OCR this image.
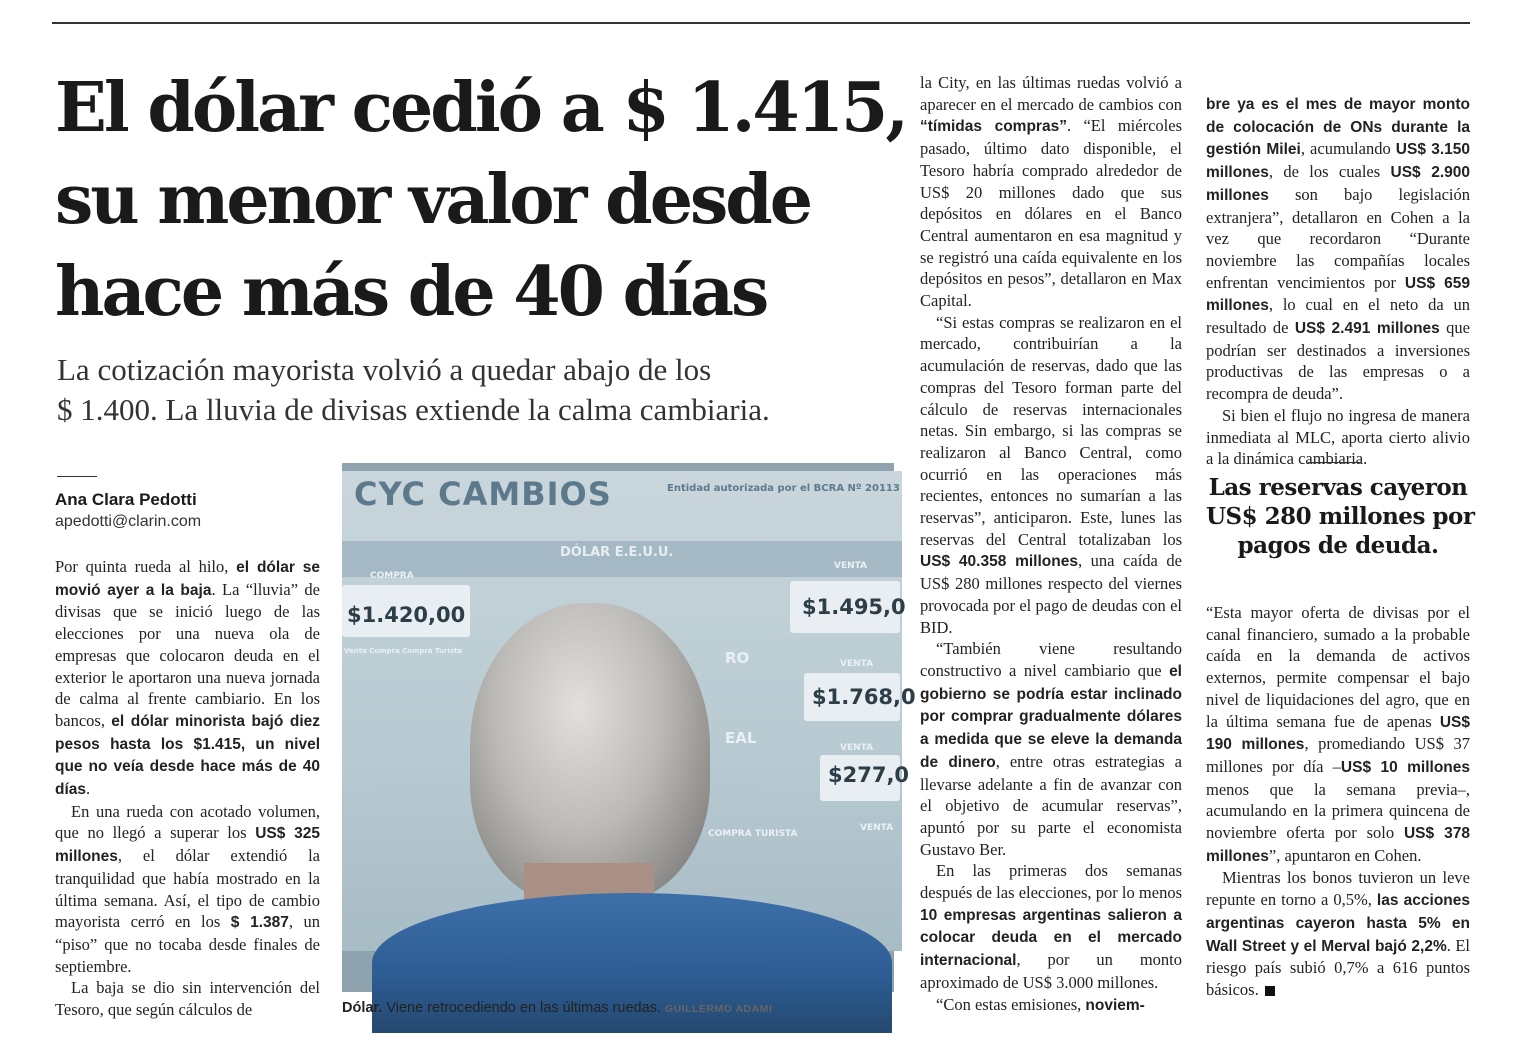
El dólar cedió a $ 1.415,
su menor valor desde
hace más de 40 días

La cotización mayorista volvió a quedar abajo de los
$ 1.400. La lluvia de divisas extiende la calma cambiaria.

Ana Clara Pedotti
apedotti@clarin.com

Por quinta rueda al hilo, el dólar se movió ayer a la baja. La “lluvia” de divisas que se inició luego de las elecciones por una nueva ola de empresas que colocaron deuda en el exterior le aportaron una nueva jornada de calma al frente cambiario. En los bancos, el dólar minorista bajó diez pesos hasta los $1.415, un nivel que no veía desde hace más de 40 días.

En una rueda con acotado volumen, que no llegó a superar los US$ 325 millones, el dólar extendió la tranquilidad que había mostrado en la última semana. Así, el tipo de cambio mayorista cerró en los $ 1.387, un “piso” que no tocaba desde finales de septiembre.

La baja se dio sin intervención del Tesoro, que según cálculos de

CYC CAMBIOS	Entidad autorizada por el BCRA Nº 20113
DÓLAR E.E.U.U.
COMPRA
VENTA
$1.420,00	$1.495,0
Venta Compra Compra Turista	RO	VENTA
$1.768,0
EAL
VENTA
$277,0
COMPRA TURISTA
VENTA
Dólar. Viene retrocediendo en las últimas ruedas. GUILLERMO ADAMI

la City, en las últimas ruedas volvió a aparecer en el mercado de cambios con “tímidas compras”. “El miércoles pasado, último dato disponible, el Tesoro habría comprado alrededor de US$ 20 millones dado que sus depósitos en dólares en el Banco Central aumentaron en esa magnitud y se registró una caída equivalente en los depósitos en pesos”, detallaron en Max Capital.

“Si estas compras se realizaron en el mercado, contribuirían a la acumulación de reservas, dado que las compras del Tesoro forman parte del cálculo de reservas internacionales netas. Sin embargo, si las compras se realizaron al Banco Central, como ocurrió en las operaciones más recientes, entonces no sumarían a las reservas”, anticiparon. Este, lunes las reservas del Central totalizaban los US$ 40.358 millones, una caída de US$ 280 millones respecto del viernes provocada por el pago de deudas con el BID.

“También viene resultando constructivo a nivel cambiario que el gobierno se podría estar inclinado por comprar gradualmente dólares a medida que se eleve la demanda de dinero, entre otras estrategias a llevarse adelante a fin de avanzar con el objetivo de acumular reservas”, apuntó por su parte el economista Gustavo Ber.

En las primeras dos semanas después de las elecciones, por lo menos 10 empresas argentinas salieron a colocar deuda en el mercado internacional, por un monto aproximado de US$ 3.000 millones.

“Con estas emisiones, noviem-

bre ya es el mes de mayor monto de colocación de ONs durante la gestión Milei, acumulando US$ 3.150 millones, de los cuales US$ 2.900 millones son bajo legislación extranjera”, detallaron en Cohen a la vez que recordaron “Durante noviembre las compañías locales enfrentan vencimientos por US$ 659 millones, lo cual en el neto da un resultado de US$ 2.491 millones que podrían ser destinados a inversiones productivas de las empresas o a recompra de deuda”.

Si bien el flujo no ingresa de manera inmediata al MLC, aporta cierto alivio a la dinámica cambiaria.

Las reservas cayeron
US$ 280 millones por
pagos de deuda.

“Esta mayor oferta de divisas por el canal financiero, sumado a la probable caída en la demanda de activos externos, permite compensar el bajo nivel de liquidaciones del agro, que en la última semana fue de apenas US$ 190 millones, promediando US$ 37 millones por día –US$ 10 millones menos que la semana previa–, acumulando en la primera quincena de noviembre oferta por solo US$ 378 millones”, apuntaron en Cohen.

Mientras los bonos tuvieron un leve repunte en torno a 0,5%, las acciones argentinas cayeron hasta 5% en Wall Street y el Merval bajó 2,2%. El riesgo país subió 0,7% a 616 puntos básicos.
